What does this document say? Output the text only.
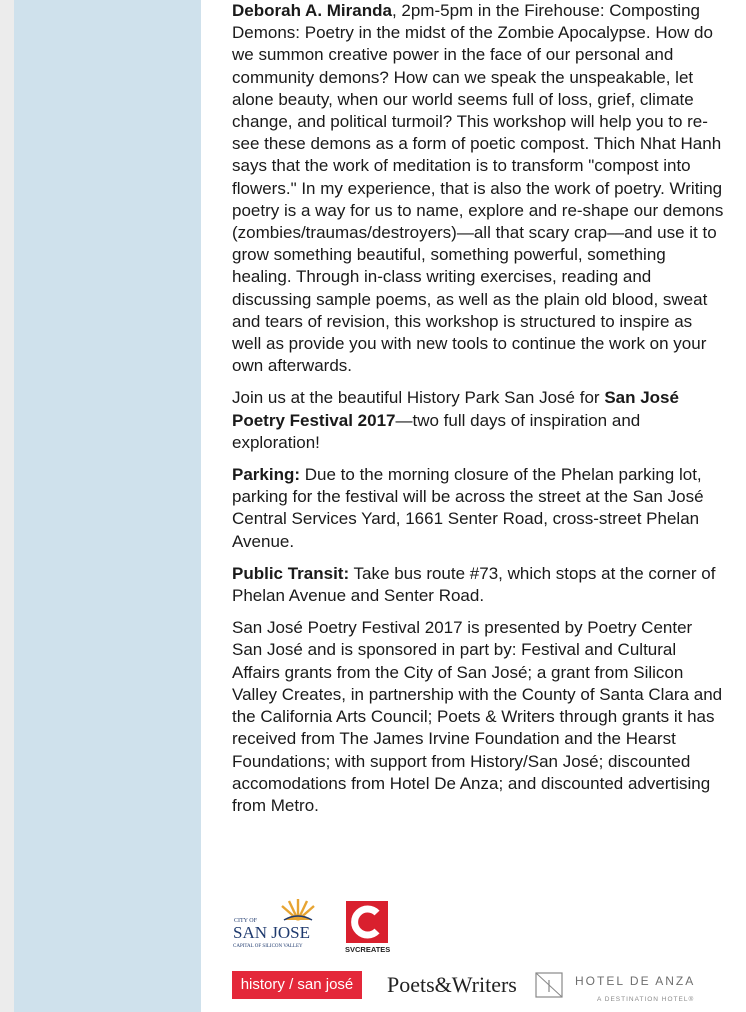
Deborah A. Miranda, 2pm-5pm in the Firehouse: Composting Demons: Poetry in the midst of the Zombie Apocalypse. How do we summon creative power in the face of our personal and community demons? How can we speak the unspeakable, let alone beauty, when our world seems full of loss, grief, climate change, and political turmoil? This workshop will help you to re-see these demons as a form of poetic compost. Thich Nhat Hanh says that the work of meditation is to transform "compost into flowers." In my experience, that is also the work of poetry. Writing poetry is a way for us to name, explore and re-shape our demons (zombies/traumas/destroyers)—all that scary crap—and use it to grow something beautiful, something powerful, something healing. Through in-class writing exercises, reading and discussing sample poems, as well as the plain old blood, sweat and tears of revision, this workshop is structured to inspire as well as provide you with new tools to continue the work on your own afterwards.

Join us at the beautiful History Park San José for San José Poetry Festival 2017—two full days of inspiration and exploration!

Parking: Due to the morning closure of the Phelan parking lot, parking for the festival will be across the street at the San José Central Services Yard, 1661 Senter Road, cross-street Phelan Avenue.

Public Transit: Take bus route #73, which stops at the corner of Phelan Avenue and Senter Road.

San José Poetry Festival 2017 is presented by Poetry Center San José and is sponsored in part by: Festival and Cultural Affairs grants from the City of San José; a grant from Silicon Valley Creates, in partnership with the County of Santa Clara and the California Arts Council; Poets & Writers through grants it has received from The James Irvine Foundation and the Hearst Foundations; with support from History/San José; discounted accomodations from Hotel De Anza; and discounted advertising from Metro.

CITY OF
SAN JOSE
CAPITAL OF SILICON VALLEY	SVCREATES
history / san josé	Poets&Writers	HOTEL DE ANZA
A DESTINATION HOTEL®
